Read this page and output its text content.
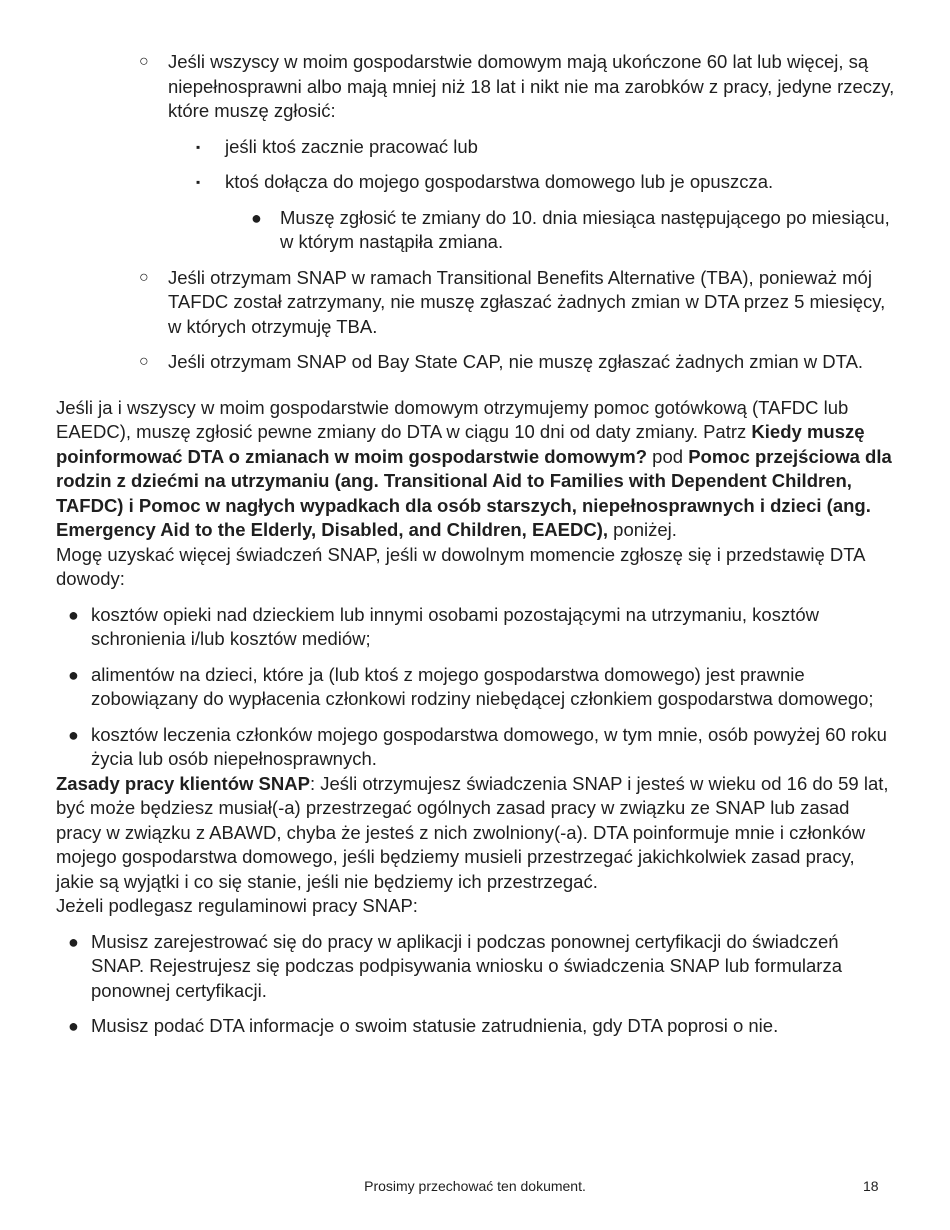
○	Jeśli wszyscy w moim gospodarstwie domowym mają ukończone 60 lat lub więcej, są niepełnosprawni albo mają mniej niż 18 lat i nikt nie ma zarobków z pracy, jedyne rzeczy, które muszę zgłosić:
▪	jeśli ktoś zacznie pracować lub
▪	ktoś dołącza do mojego gospodarstwa domowego lub je opuszcza.
● Muszę zgłosić te zmiany do 10. dnia miesiąca następującego po miesiącu, w którym nastąpiła zmiana.
○	Jeśli otrzymam SNAP w ramach Transitional Benefits Alternative (TBA), ponieważ mój TAFDC został zatrzymany, nie muszę zgłaszać żadnych zmian w DTA przez 5 miesięcy, w których otrzymuję TBA.
○	Jeśli otrzymam SNAP od Bay State CAP, nie muszę zgłaszać żadnych zmian w DTA.

Jeśli ja i wszyscy w moim gospodarstwie domowym otrzymujemy pomoc gotówkową (TAFDC lub EAEDC), muszę zgłosić pewne zmiany do DTA w ciągu 10 dni od daty zmiany. Patrz Kiedy muszę poinformować DTA o zmianach w moim gospodarstwie domowym? pod Pomoc przejściowa dla rodzin z dziećmi na utrzymaniu (ang. Transitional Aid to Families with Dependent Children, TAFDC) i Pomoc w nagłych wypadkach dla osób starszych, niepełnosprawnych i dzieci (ang. Emergency Aid to the Elderly, Disabled, and Children, EAEDC), poniżej.

Mogę uzyskać więcej świadczeń SNAP, jeśli w dowolnym momencie zgłoszę się i przedstawię DTA dowody:

● kosztów opieki nad dzieckiem lub innymi osobami pozostającymi na utrzymaniu, kosztów schronienia i/lub kosztów mediów;
● alimentów na dzieci, które ja (lub ktoś z mojego gospodarstwa domowego) jest prawnie zobowiązany do wypłacenia członkowi rodziny niebędącej członkiem gospodarstwa domowego;
● kosztów leczenia członków mojego gospodarstwa domowego, w tym mnie, osób powyżej 60 roku życia lub osób niepełnosprawnych.

Zasady pracy klientów SNAP: Jeśli otrzymujesz świadczenia SNAP i jesteś w wieku od 16 do 59 lat, być może będziesz musiał(-a) przestrzegać ogólnych zasad pracy w związku ze SNAP lub zasad pracy w związku z ABAWD, chyba że jesteś z nich zwolniony(-a). DTA poinformuje mnie i członków mojego gospodarstwa domowego, jeśli będziemy musieli przestrzegać jakichkolwiek zasad pracy, jakie są wyjątki i co się stanie, jeśli nie będziemy ich przestrzegać.

Jeżeli podlegasz regulaminowi pracy SNAP:

● Musisz zarejestrować się do pracy w aplikacji i podczas ponownej certyfikacji do świadczeń SNAP. Rejestrujesz się podczas podpisywania wniosku o świadczenia SNAP lub formularza ponownej certyfikacji.
● Musisz podać DTA informacje o swoim statusie zatrudnienia, gdy DTA poprosi o nie.
Prosimy przechować ten dokument.	18
